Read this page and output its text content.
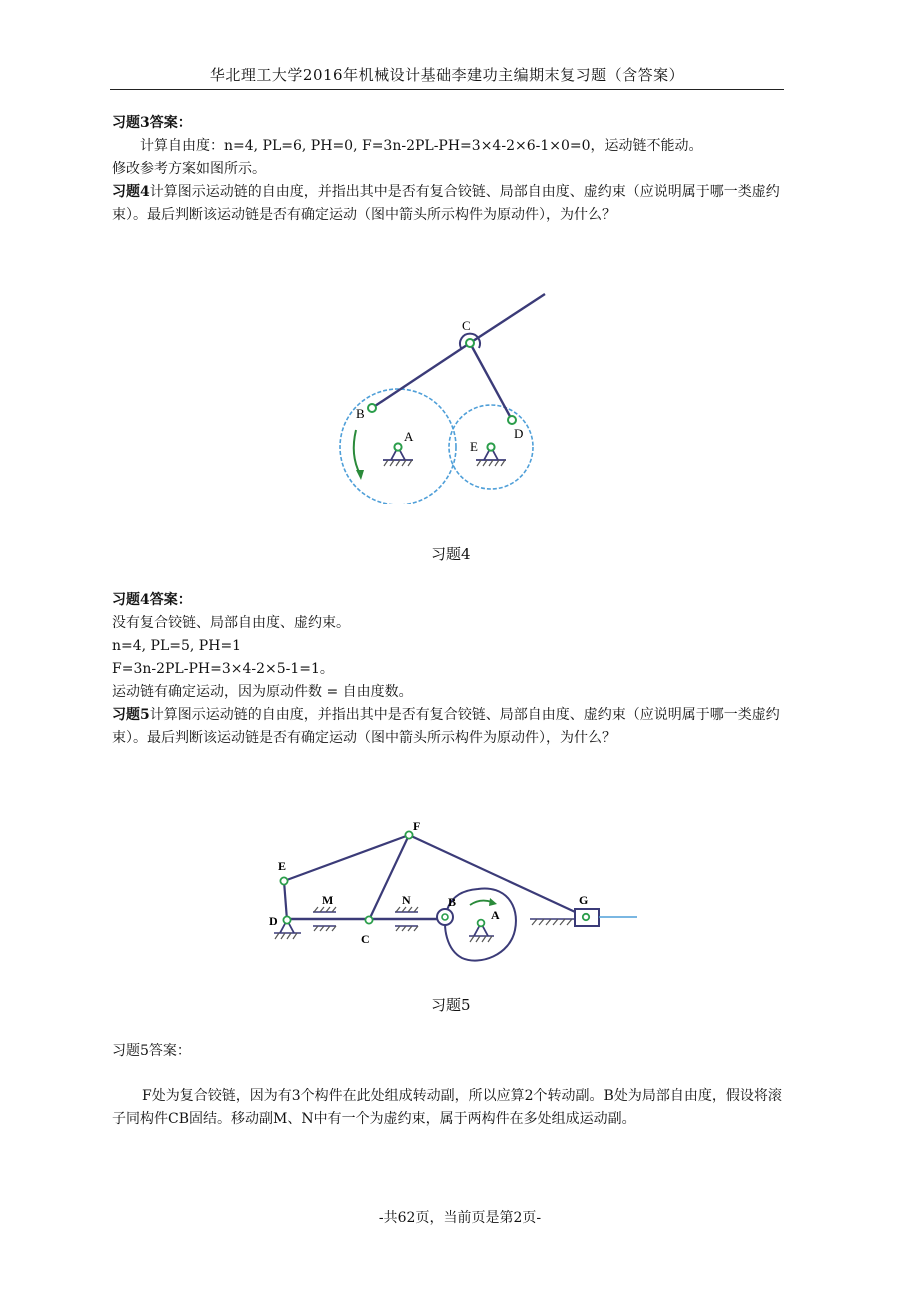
华北理工大学2016年机械设计基础李建功主编期末复习题（含答案）
习题3答案：
计算自由度：n=4, PL=6, PH=0, F=3n-2PL-PH=3×4-2×6-1×0=0，运动链不能动。
修改参考方案如图所示。
习题4计算图示运动链的自由度，并指出其中是否有复合铰链、局部自由度、虚约束（应说明属于哪一类虚约束）。最后判断该运动链是否有确定运动（图中箭头所示构件为原动件），为什么？
C
B
A
E
D
习题4
习题4答案：
没有复合铰链、局部自由度、虚约束。
n=4, PL=5, PH=1
F=3n-2PL-PH=3×4-2×5-1=1。
运动链有确定运动，因为原动件数 = 自由度数。
习题5计算图示运动链的自由度，并指出其中是否有复合铰链、局部自由度、虚约束（应说明属于哪一类虚约束）。最后判断该运动链是否有确定运动（图中箭头所示构件为原动件），为什么？
F
E
M	N	B
A
G
D
C
习题5
习题5答案：
F处为复合铰链，因为有3个构件在此处组成转动副，所以应算2个转动副。B处为局部自由度，假设将滚子同构件CB固结。移动副M、N中有一个为虚约束，属于两构件在多处组成运动副。
-共62页，当前页是第2页-
